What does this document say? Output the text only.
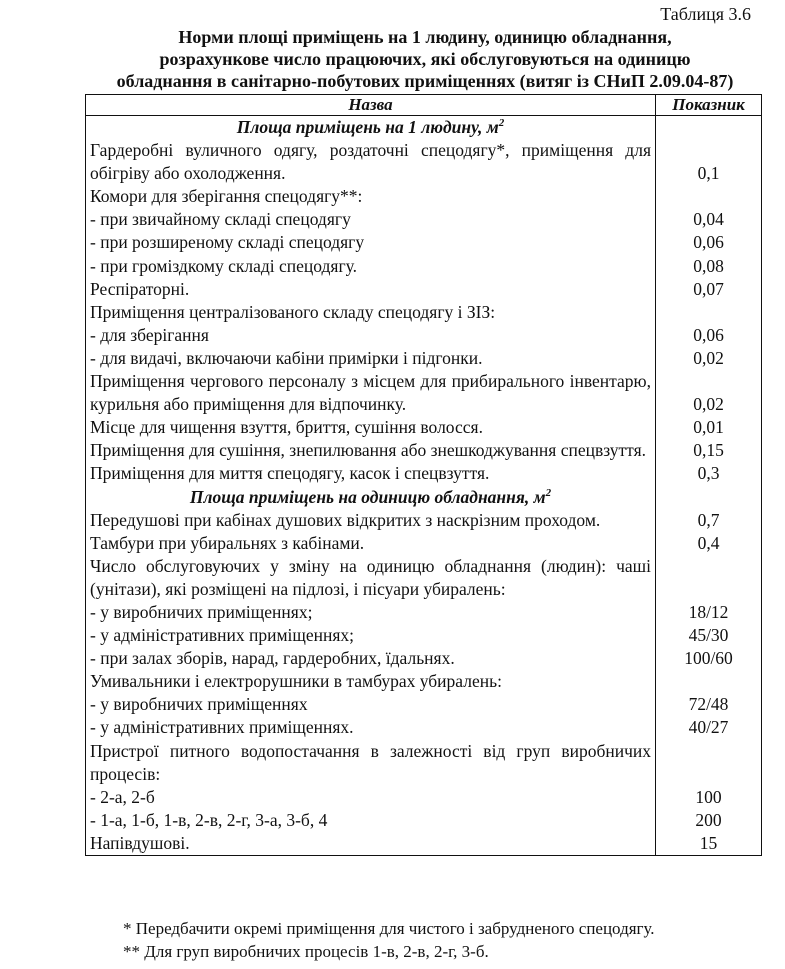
Таблиця 3.6
Норми площі приміщень на 1 людину, одиницю обладнання,
розрахункове число працюючих, які обслуговуються на одиницю
обладнання в санітарно-побутових приміщеннях (витяг із СНиП 2.09.04-87)
Назва	Показник
Площа приміщень на 1 людину, $м^2$	
Гардеробні вуличного одягу, роздаточні спецодягу*, приміщення для обігріву або охолодження.	0,1
Комори для зберігання спецодягу**:	
- при звичайному складі спецодягу	0,04
- при розширеному складі спецодягу	0,06
- при громіздкому складі спецодягу.	0,08
Респіраторні.	0,07
Приміщення централізованого складу спецодягу і ЗІЗ:	
- для зберігання	0,06
- для видачі, включаючи кабіни примірки і підгонки.	0,02
Приміщення чергового персоналу з місцем для прибирального інвентарю, курильня або приміщення для відпочинку.	0,02
Місце для чищення взуття, бриття, сушіння волосся.	0,01
Приміщення для сушіння, знепилювання або знешкоджування спецвзуття.	0,15
Приміщення для миття спецодягу, касок і спецвзуття.	0,3
Площа приміщень на одиницю обладнання, $м^2$	
Передушові при кабінах душових відкритих з наскрізним проходом.	0,7
Тамбури при убиральнях з кабінами.	0,4
Число обслуговуючих у зміну на одиницю обладнання (людин): чаші (унітази), які розміщені на підлозі, і пісуари убиралень:	
- у виробничих приміщеннях;	18/12
- у адміністративних приміщеннях;	45/30
- при залах зборів, нарад, гардеробних, їдальнях.	100/60
Умивальники і електрорушники в тамбурах убиралень:	
- у виробничих приміщеннях	72/48
- у адміністративних приміщеннях.	40/27
Пристрої питного водопостачання в залежності від груп виробничих процесів:	
- 2-а, 2-б	100
- 1-а, 1-б, 1-в, 2-в, 2-г, 3-а, 3-б, 4	200
Напівдушові.	15
* Передбачити окремі приміщення для чистого і забрудненого спецодягу.
** Для груп виробничих процесів 1-в, 2-в, 2-г, 3-б.
